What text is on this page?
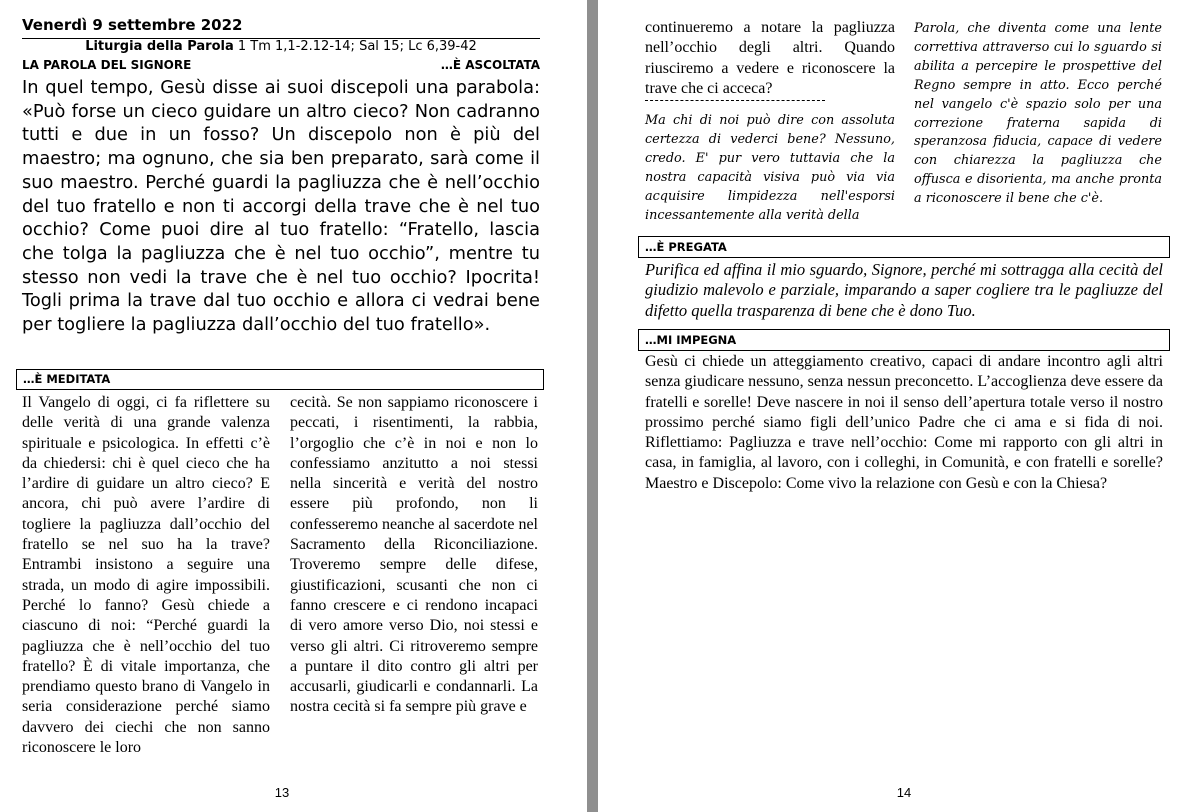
Venerdì 9 settembre 2022
Liturgia della Parola 1 Tm 1,1-2.12-14; Sal 15; Lc 6,39-42
LA PAROLA DEL SIGNORE	…È ASCOLTATA
In quel tempo, Gesù disse ai suoi discepoli una parabola: «Può forse un cieco guidare un altro cieco? Non cadranno tutti e due in un fosso? Un discepolo non è più del maestro; ma ognuno, che sia ben preparato, sarà come il suo maestro. Perché guardi la pagliuzza che è nell’occhio del tuo fratello e non ti accorgi della trave che è nel tuo occhio? Come puoi dire al tuo fratello: “Fratello, lascia che tolga la pagliuzza che è nel tuo occhio”, mentre tu stesso non vedi la trave che è nel tuo occhio? Ipocrita! Togli prima la trave dal tuo occhio e allora ci vedrai bene per togliere la pagliuzza dall’occhio del tuo fratello».
…È MEDITATA
Il Vangelo di oggi, ci fa riflettere su delle verità di una grande valenza spirituale e psicologica. In effetti c’è da chiedersi: chi è quel cieco che ha l’ardire di guidare un altro cieco? E ancora, chi può avere l’ardire di togliere la pagliuzza dall’occhio del fratello se nel suo ha la trave? Entrambi insistono a seguire una strada, un modo di agire impossibili. Perché lo fanno? Gesù chiede a ciascuno di noi: “Perché guardi la pagliuzza che è nell’occhio del tuo fratello? È di vitale importanza, che prendiamo questo brano di Vangelo in seria considerazione perché siamo davvero dei ciechi che non sanno riconoscere le loro
cecità. Se non sappiamo riconoscere i peccati, i risentimenti, la rabbia, l’orgoglio che c’è in noi e non lo confessiamo anzitutto a noi stessi nella sincerità e verità del nostro essere più profondo, non li confesseremo neanche al sacerdote nel Sacramento della Riconciliazione. Troveremo sempre delle difese, giustificazioni, scusanti che non ci fanno crescere e ci rendono incapaci di vero amore verso Dio, noi stessi e verso gli altri. Ci ritroveremo sempre a puntare il dito contro gli altri per accusarli, giudicarli e condannarli. La nostra cecità si fa sempre più grave e
13
continueremo a notare la pagliuzza nell’occhio degli altri. Quando riusciremo a vedere e riconoscere la trave che ci acceca?
Ma chi di noi può dire con assoluta certezza di vederci bene? Nessuno, credo. E' pur vero tuttavia che la nostra capacità visiva può via via acquisire limpidezza nell'esporsi incessantemente alla verità della
Parola, che diventa come una lente correttiva attraverso cui lo sguardo si abilita a percepire le prospettive del Regno sempre in atto. Ecco perché nel vangelo c'è spazio solo per una correzione fraterna sapida di speranzosa fiducia, capace di vedere con chiarezza la pagliuzza che offusca e disorienta, ma anche pronta a riconoscere il bene che c'è.
…È PREGATA
Purifica ed affina il mio sguardo, Signore, perché mi sottragga alla cecità del giudizio malevolo e parziale, imparando a saper cogliere tra le pagliuzze del difetto quella trasparenza di bene che è dono Tuo.
…MI IMPEGNA
Gesù ci chiede un atteggiamento creativo, capaci di andare incontro agli altri senza giudicare nessuno, senza nessun preconcetto. L’accoglienza deve essere da fratelli e sorelle! Deve nascere in noi il senso dell’apertura totale verso il nostro prossimo perché siamo figli dell’unico Padre che ci ama e si fida di noi. Riflettiamo: Pagliuzza e trave nell’occhio: Come mi rapporto con gli altri in casa, in famiglia, al lavoro, con i colleghi, in Comunità, e con fratelli e sorelle? Maestro e Discepolo: Come vivo la relazione con Gesù e con la Chiesa?
14
